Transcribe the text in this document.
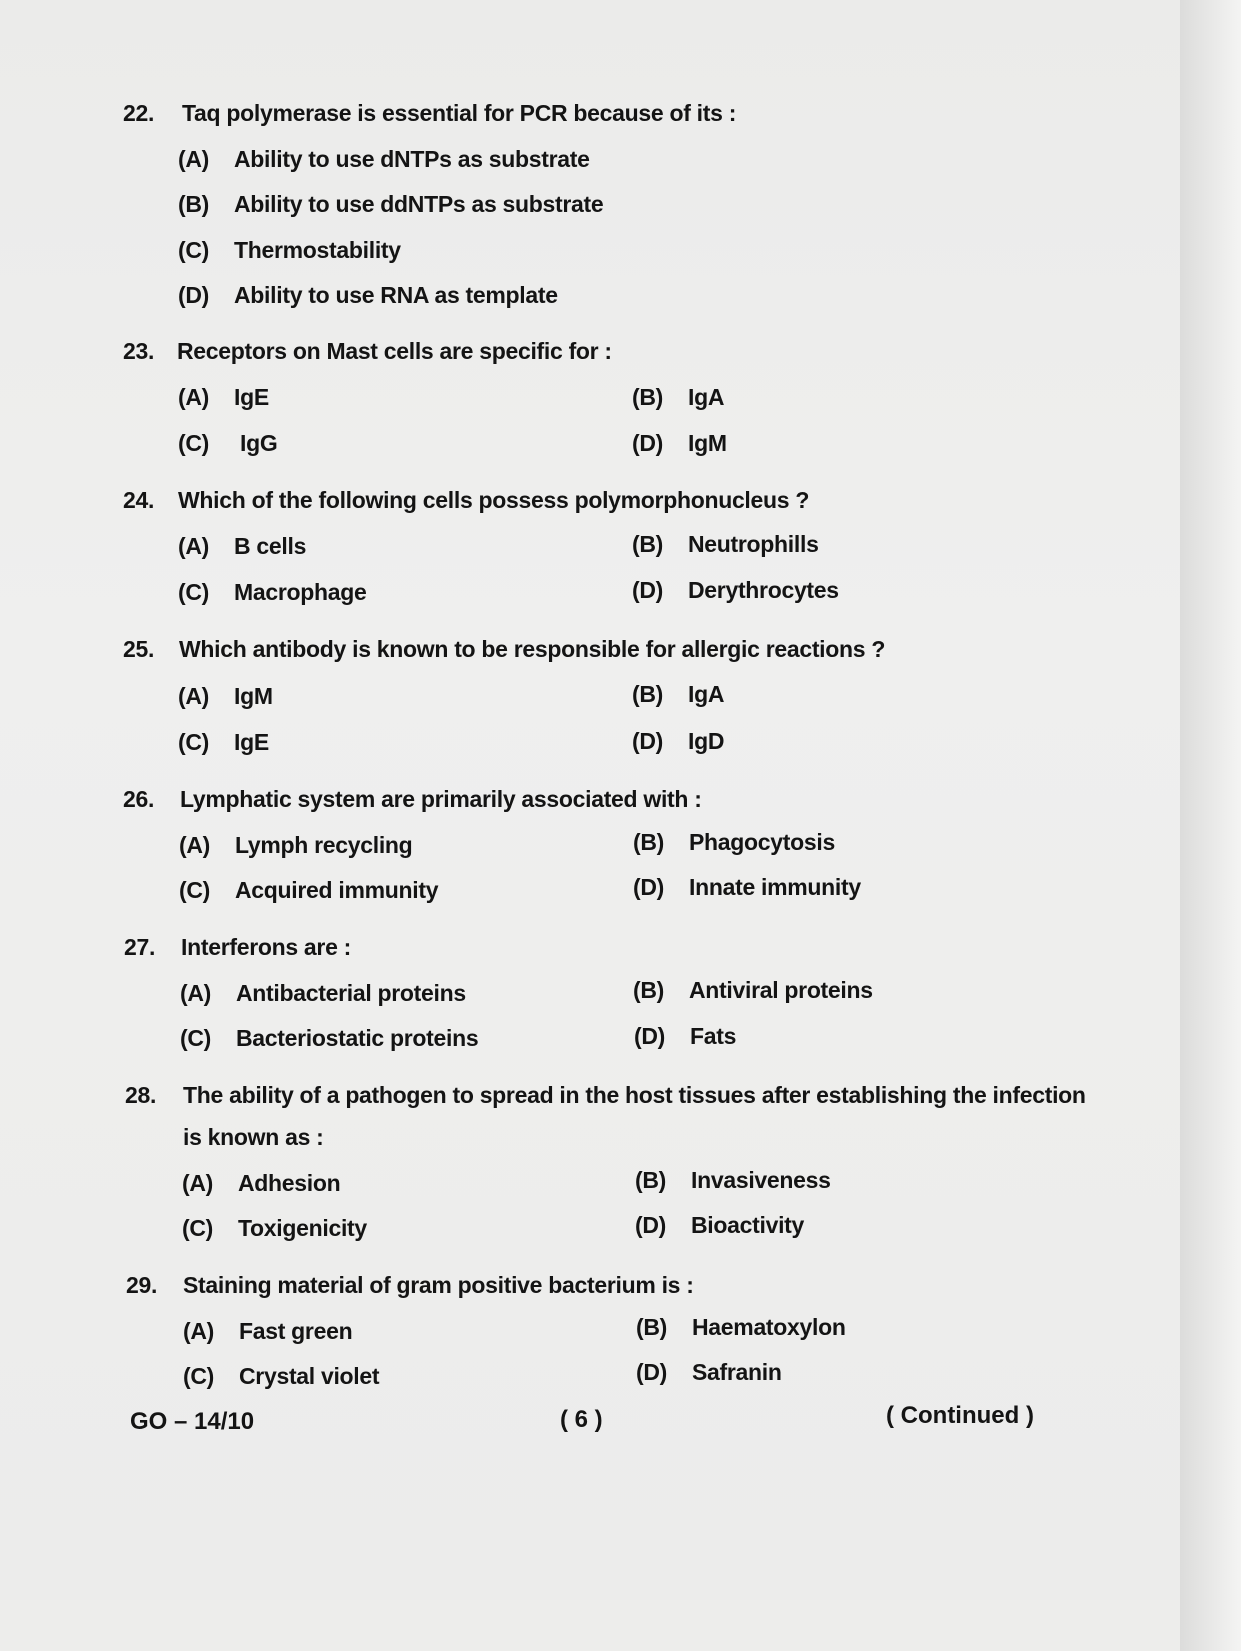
22. Taq polymerase is essential for PCR because of its :
(A) Ability to use dNTPs as substrate
(B) Ability to use ddNTPs as substrate
(C) Thermostability
(D) Ability to use RNA as template
23. Receptors on Mast cells are specific for :
(A) IgE	(B) IgA
(C) IgG	(D) IgM
24. Which of the following cells possess polymorphonucleus ?
(A) B cells	(B) Neutrophills
(C) Macrophage	(D) Derythrocytes
25. Which antibody is known to be responsible for allergic reactions ?
(A) IgM	(B) IgA
(C) IgE	(D) IgD
26. Lymphatic system are primarily associated with :
(A) Lymph recycling	(B) Phagocytosis
(C) Acquired immunity	(D) Innate immunity
27. Interferons are :
(A) Antibacterial proteins	(B) Antiviral proteins
(C) Bacteriostatic proteins	(D) Fats
28. The ability of a pathogen to spread in the host tissues after establishing the infection
is known as :
(A) Adhesion	(B) Invasiveness
(C) Toxigenicity	(D) Bioactivity
29. Staining material of gram positive bacterium is :
(A) Fast green	(B) Haematoxylon
(C) Crystal violet	(D) Safranin
GO – 14/10	( 6 )	( Continued )
